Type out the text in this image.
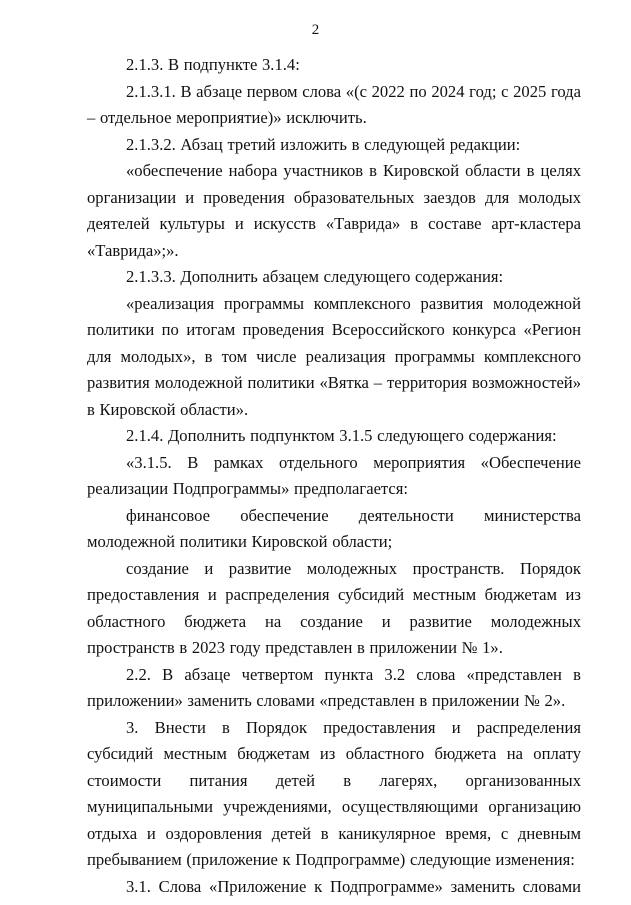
2

2.1.3. В подпункте 3.1.4:

2.1.3.1. В абзаце первом слова «(с 2022 по 2024 год; с 2025 года – отдельное мероприятие)» исключить.

2.1.3.2. Абзац третий изложить в следующей редакции:

«обеспечение набора участников в Кировской области в целях организации и проведения образовательных заездов для молодых деятелей культуры и искусств «Таврида» в составе арт-кластера «Таврида»;».

2.1.3.3. Дополнить абзацем следующего содержания:

«реализация программы комплексного развития молодежной политики по итогам проведения Всероссийского конкурса «Регион для молодых», в том числе реализация программы комплексного развития молодежной политики «Вятка – территория возможностей» в Кировской области».

2.1.4. Дополнить подпунктом 3.1.5 следующего содержания:

«3.1.5. В рамках отдельного мероприятия «Обеспечение реализации Подпрограммы» предполагается:

финансовое обеспечение деятельности министерства молодежной политики Кировской области;

создание и развитие молодежных пространств. Порядок предоставления и распределения субсидий местным бюджетам из областного бюджета на создание и развитие молодежных пространств в 2023 году представлен в приложении № 1».

2.2. В абзаце четвертом пункта 3.2 слова «представлен в приложении» заменить словами «представлен в приложении № 2».

3. Внести в Порядок предоставления и распределения субсидий местным бюджетам из областного бюджета на оплату стоимости питания детей в лагерях, организованных муниципальными учреждениями, осуществляющими организацию отдыха и оздоровления детей в каникулярное время, с дневным пребыванием (приложение к Подпрограмме) следующие изменения:

3.1. Слова «Приложение к Подпрограмме» заменить словами
